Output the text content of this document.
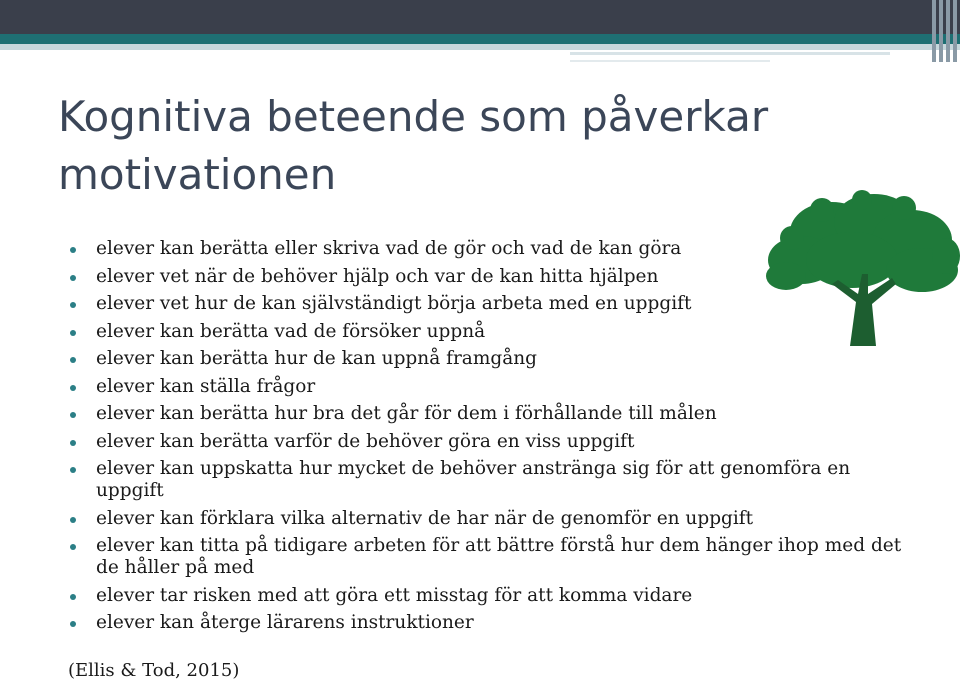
Kognitiva beteende som påverkar motivationen
elever kan berätta eller skriva vad de gör och vad de kan göra
elever vet när de behöver hjälp och var de kan hitta hjälpen
elever vet hur de kan självständigt börja arbeta med en uppgift
elever kan berätta vad de försöker uppnå
elever kan berätta hur de kan uppnå framgång
elever kan ställa frågor
elever kan berätta hur bra det går för dem i förhållande till målen
elever kan berätta varför de behöver göra en viss uppgift
elever kan uppskatta hur mycket de behöver anstränga sig för att genomföra en uppgift
elever kan förklara vilka alternativ de har när de genomför en uppgift
elever kan titta på tidigare arbeten för att bättre förstå hur dem hänger ihop med det de håller på med
elever tar risken med att göra ett misstag för att komma vidare
elever kan återge lärarens instruktioner

(Ellis & Tod, 2015)
